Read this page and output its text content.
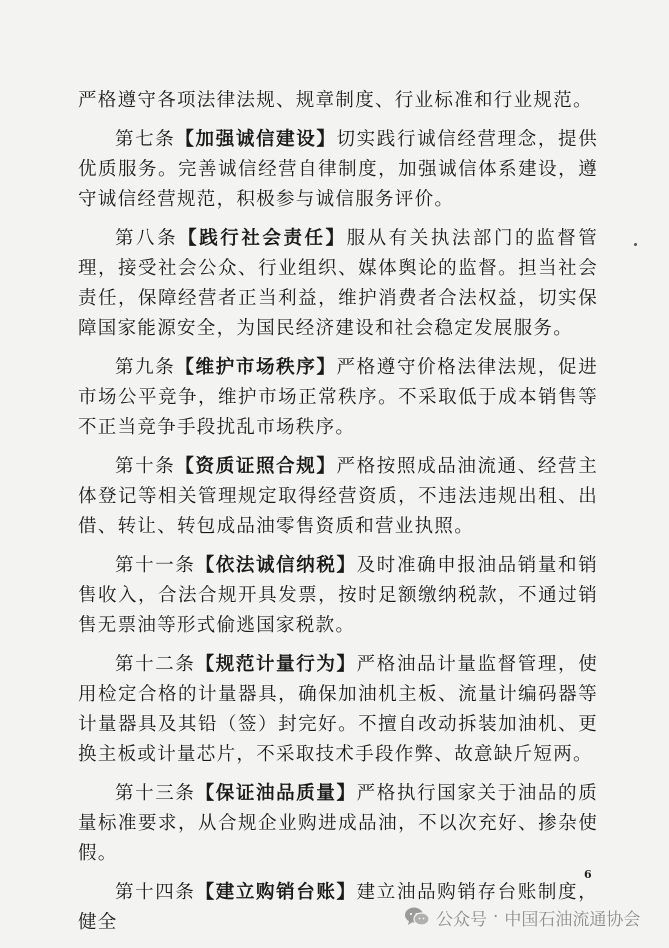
严格遵守各项法律法规、规章制度、行业标准和行业规范。

第七条【加强诚信建设】切实践行诚信经营理念，提供优质服务。完善诚信经营自律制度，加强诚信体系建设，遵守诚信经营规范，积极参与诚信服务评价。

第八条【践行社会责任】服从有关执法部门的监督管理，接受社会公众、行业组织、媒体舆论的监督。担当社会责任，保障经营者正当利益，维护消费者合法权益，切实保障国家能源安全，为国民经济建设和社会稳定发展服务。

第九条【维护市场秩序】严格遵守价格法律法规，促进市场公平竞争，维护市场正常秩序。不采取低于成本销售等不正当竞争手段扰乱市场秩序。

第十条【资质证照合规】严格按照成品油流通、经营主体登记等相关管理规定取得经营资质，不违法违规出租、出借、转让、转包成品油零售资质和营业执照。

第十一条【依法诚信纳税】及时准确申报油品销量和销售收入，合法合规开具发票，按时足额缴纳税款，不通过销售无票油等形式偷逃国家税款。

第十二条【规范计量行为】严格油品计量监督管理，使用检定合格的计量器具，确保加油机主板、流量计编码器等计量器具及其铅（签）封完好。不擅自改动拆装加油机、更换主板或计量芯片，不采取技术手段作弊、故意缺斤短两。

第十三条【保证油品质量】严格执行国家关于油品的质量标准要求，从合规企业购进成品油，不以次充好、掺杂使假。

第十四条【建立购销台账】建立油品购销存台账制度，健全

6
公众号 · 中国石油流通协会
